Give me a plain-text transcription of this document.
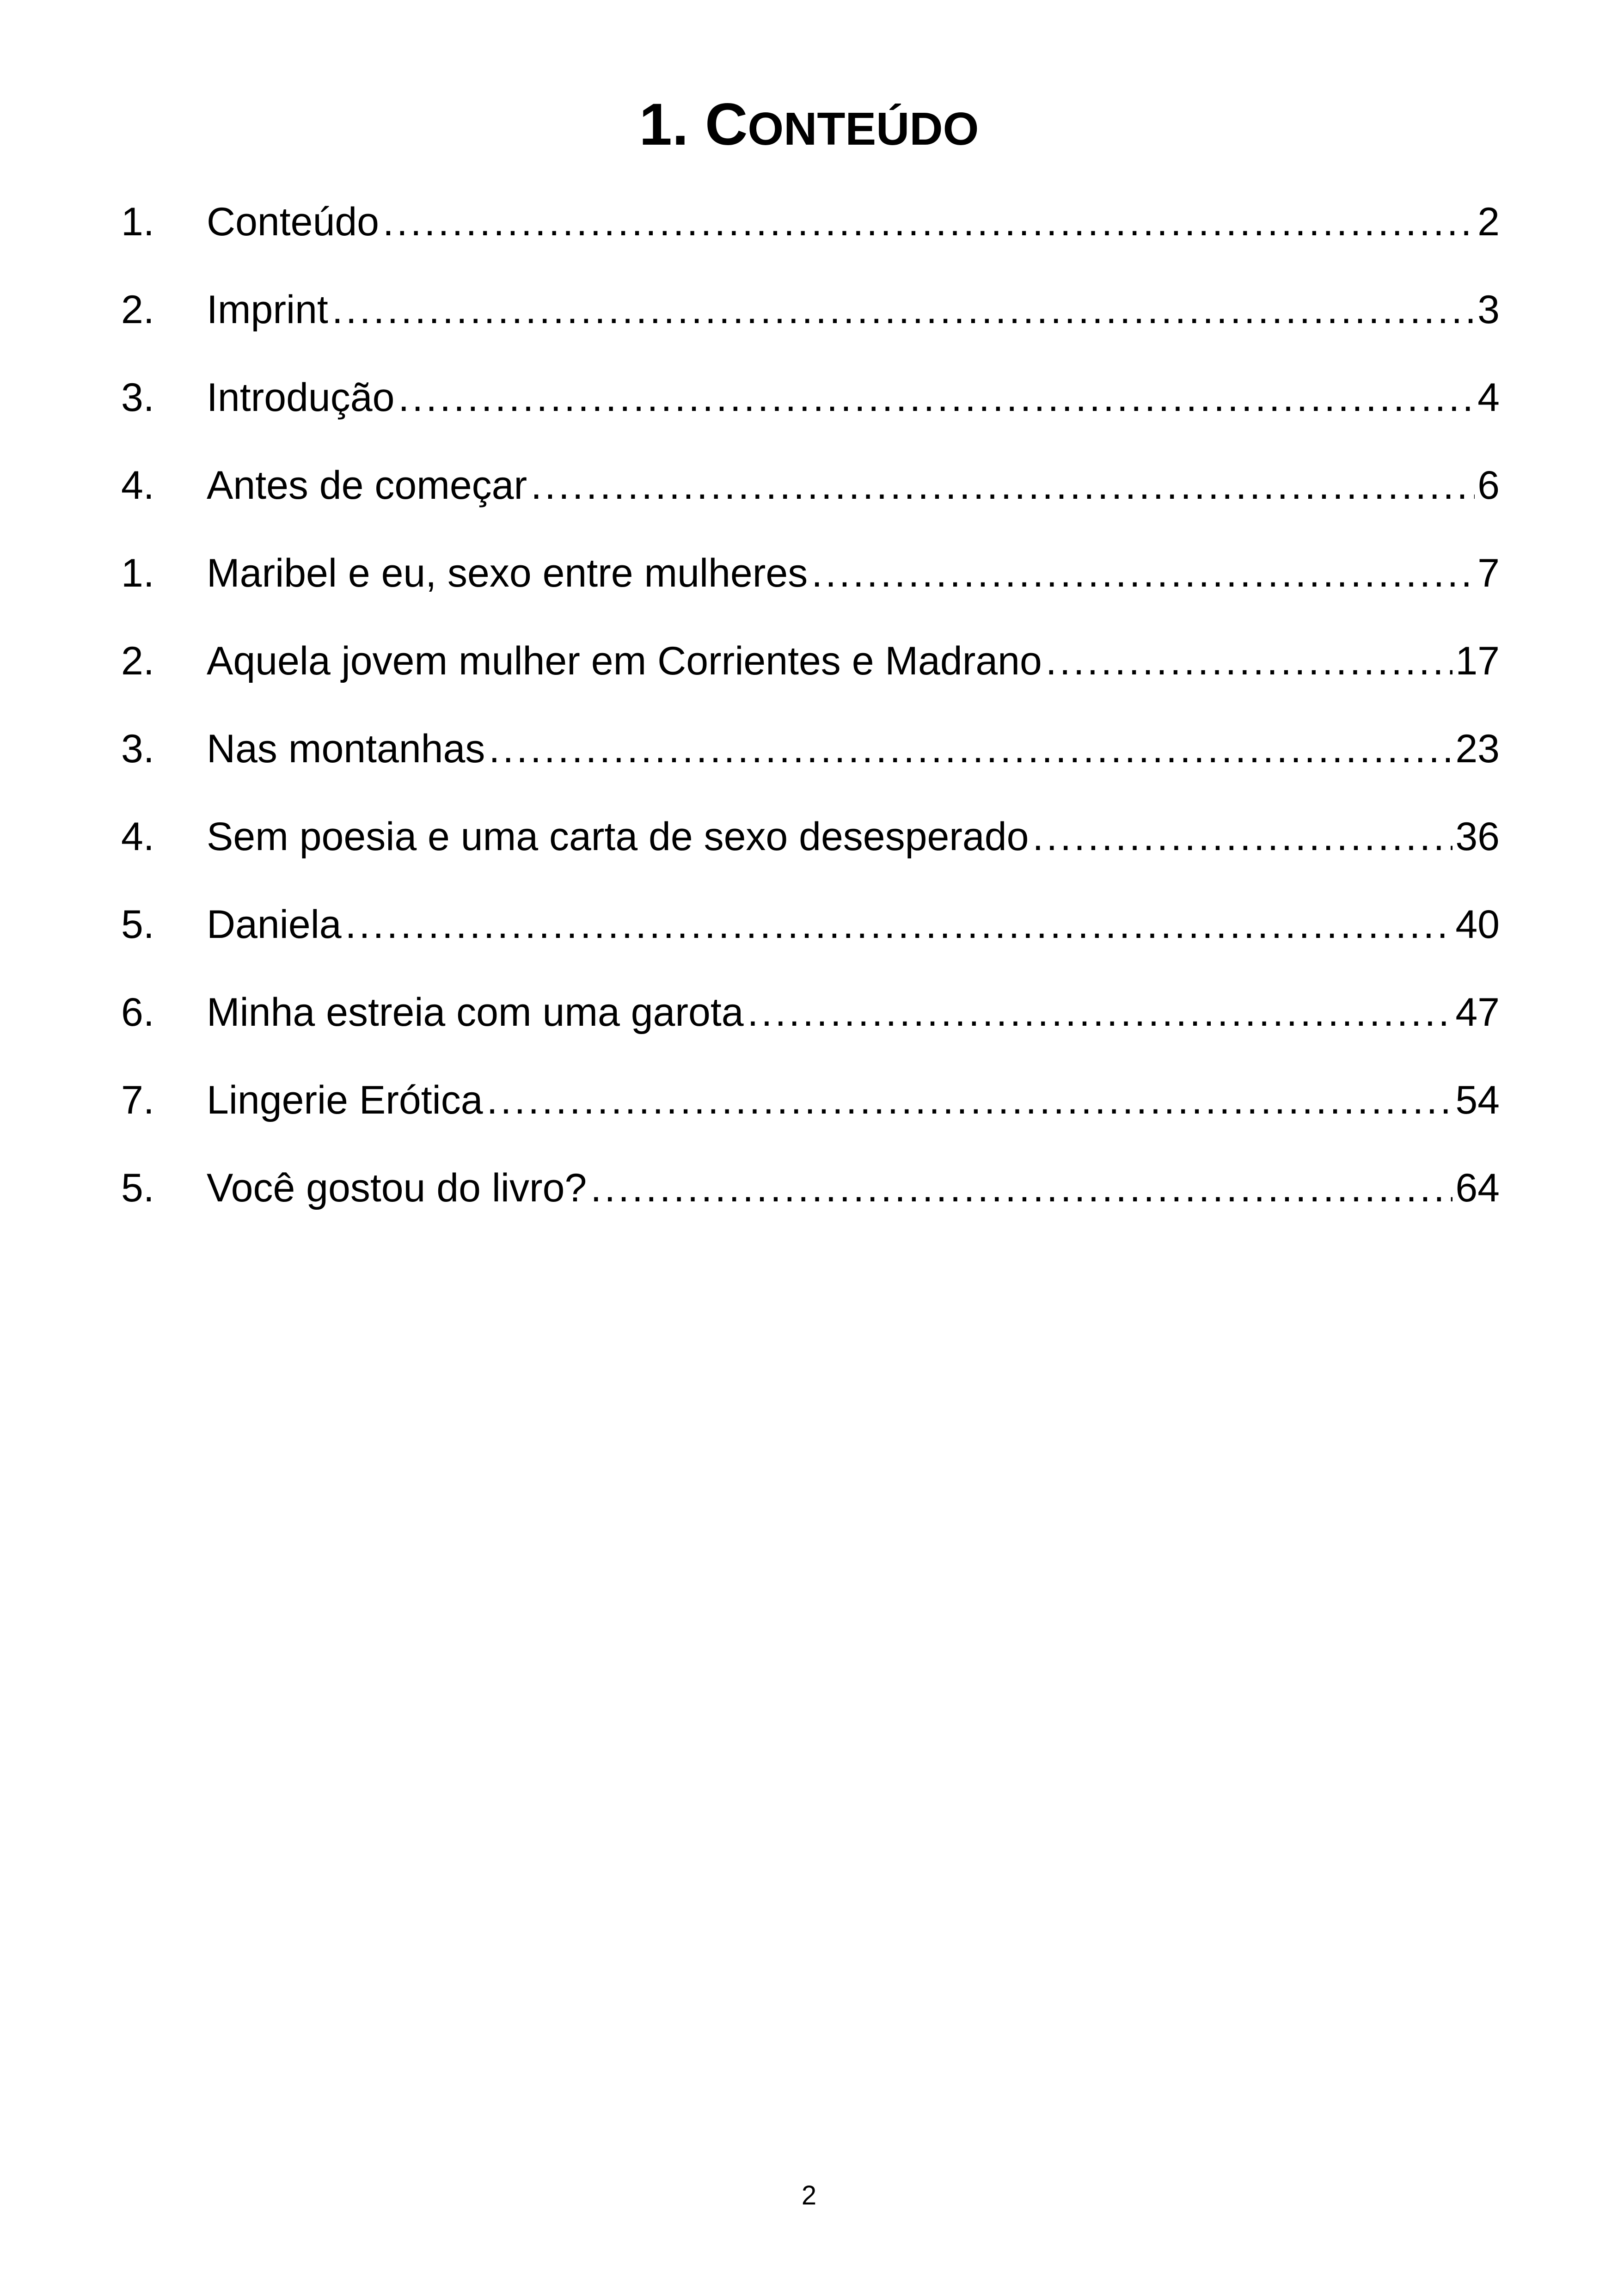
1. CONTEÚDO
1.	Conteúdo .....	2
2.	Imprint .....	3
3.	Introdução .....	4
4.	Antes de começar .....	6
1.	Maribel e eu, sexo entre mulheres .....	7
2.	Aquela jovem mulher em Corrientes e Madrano .....	17
3.	Nas montanhas .....	23
4.	Sem poesia e uma carta de sexo desesperado .....	36
5.	Daniela .....	40
6.	Minha estreia com uma garota .....	47
7.	Lingerie Erótica .....	54
5.	Você gostou do livro? .....	64
2
